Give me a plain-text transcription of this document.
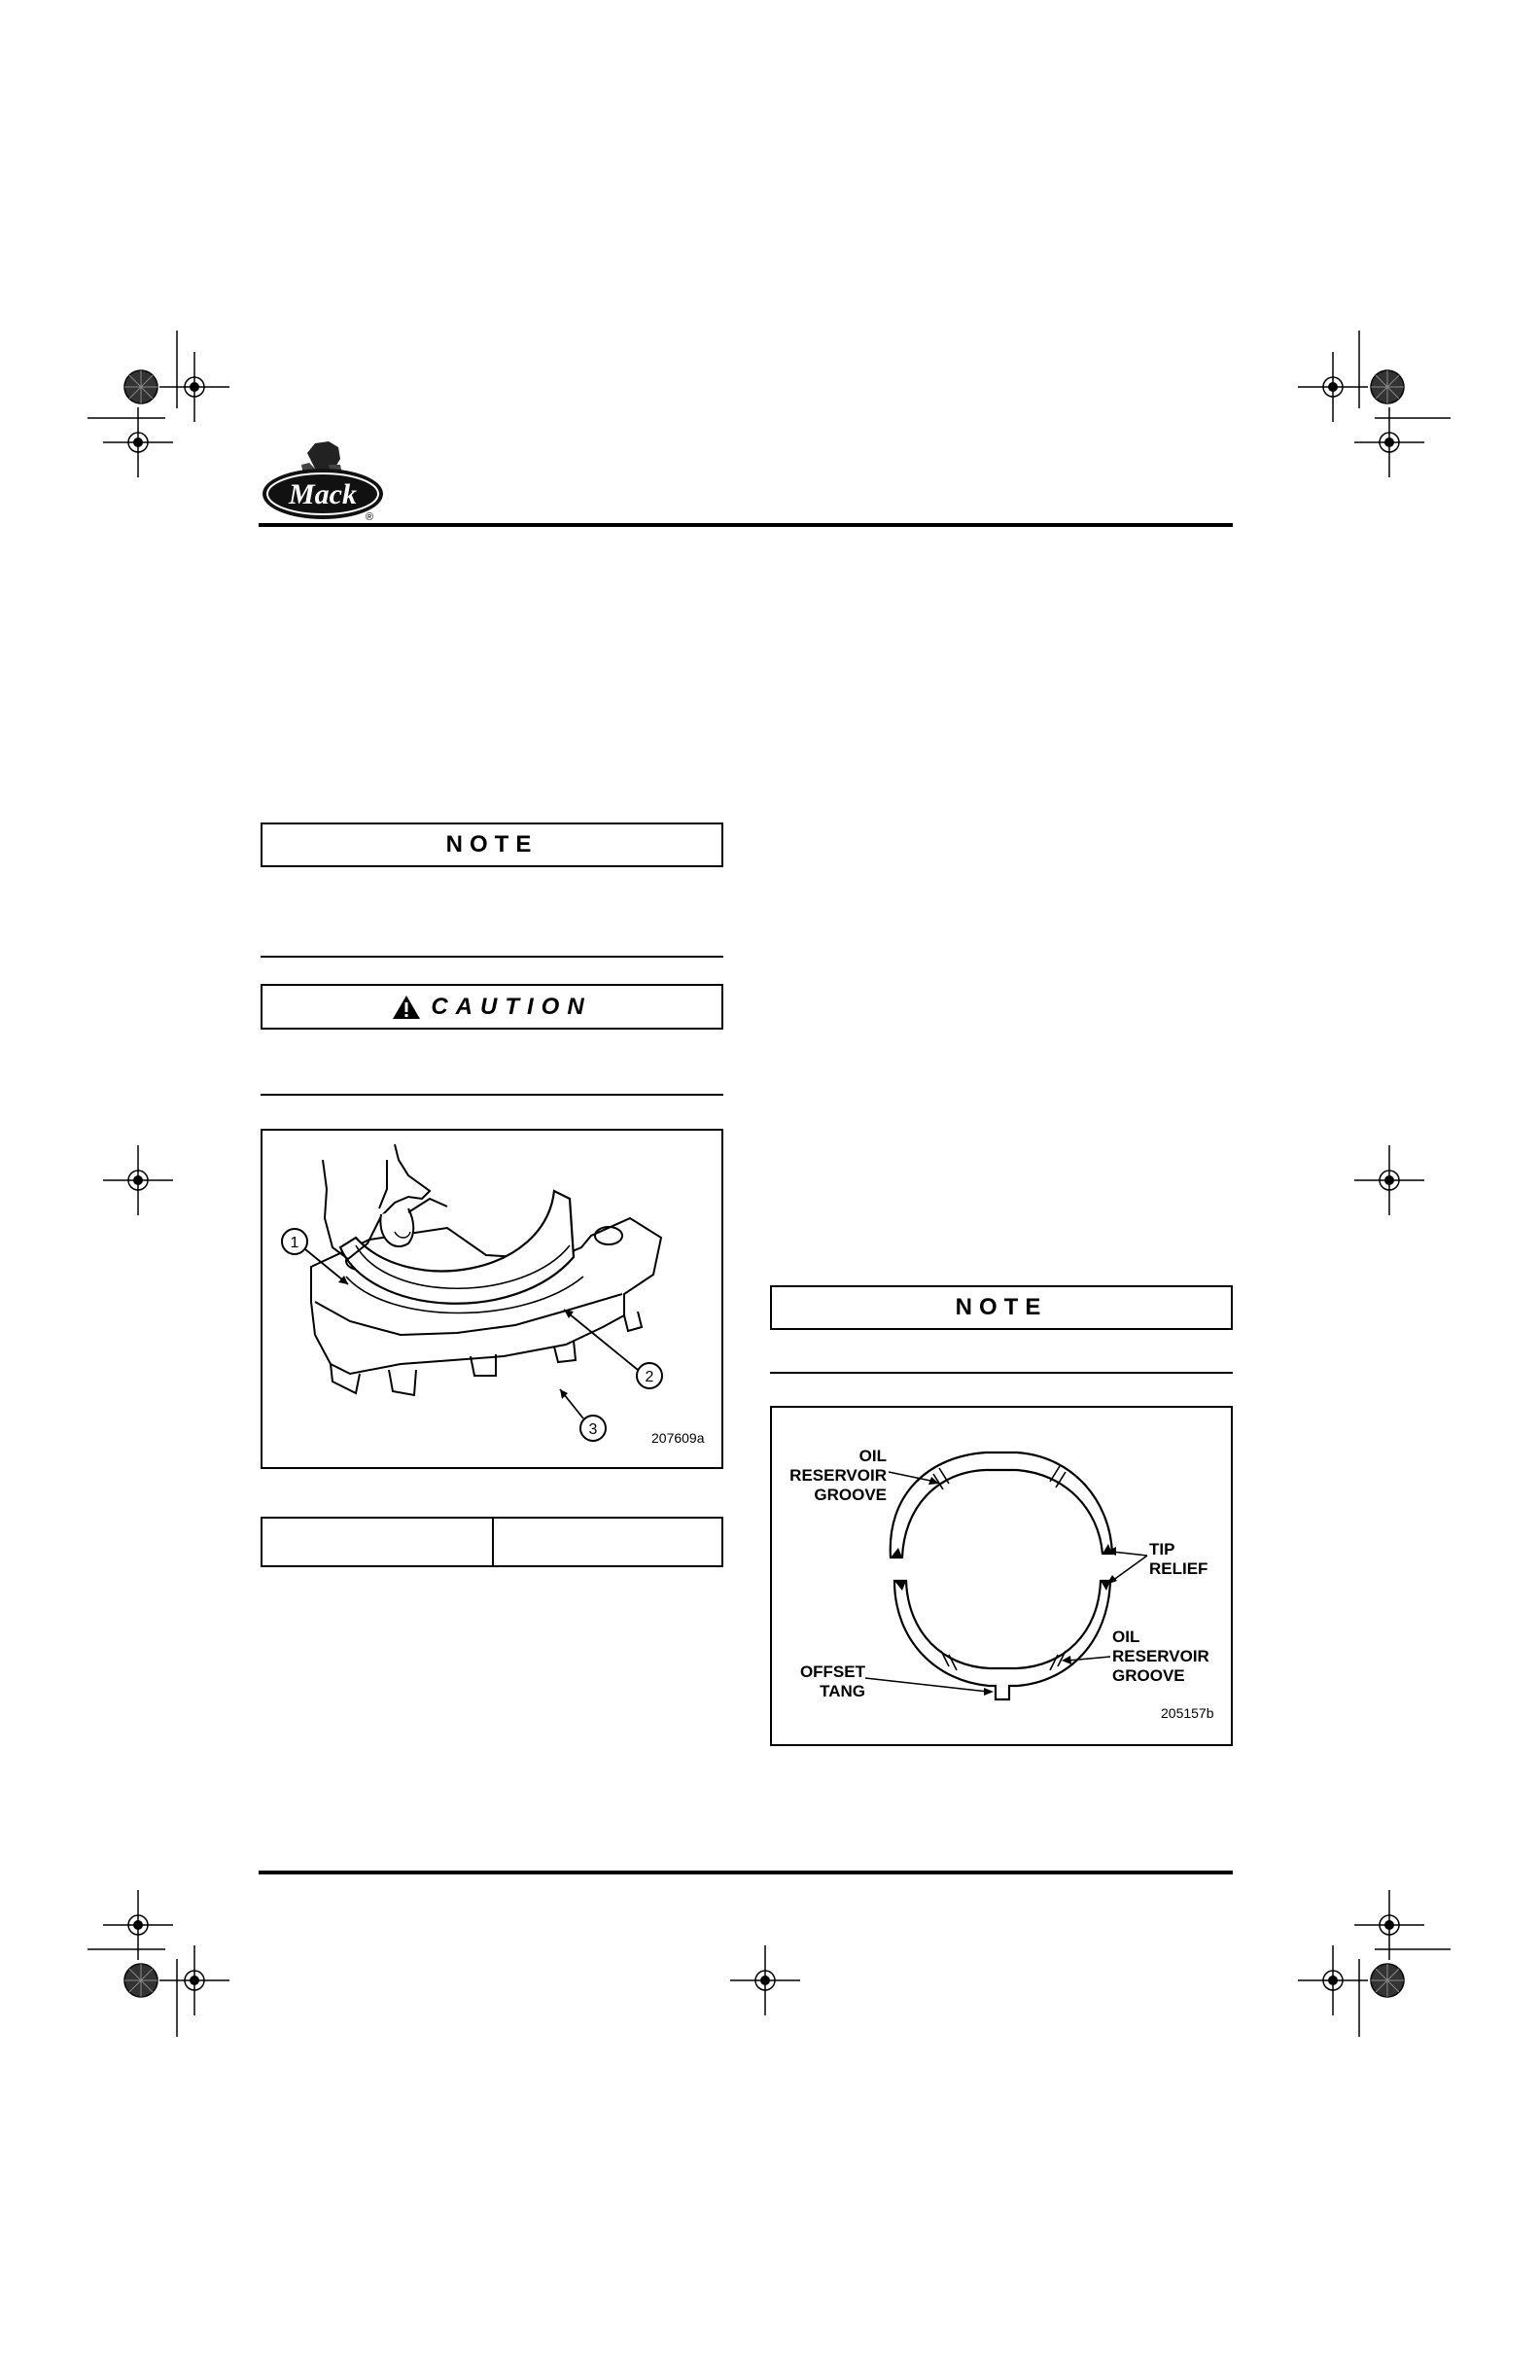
Mack
®
NOTE
CAUTION
1
2
3	207609a
NOTE
OIL
RESERVOIR
GROOVE
TIP
RELIEF
OIL
RESERVOIR
GROOVE
OFFSET
TANG
205157b
